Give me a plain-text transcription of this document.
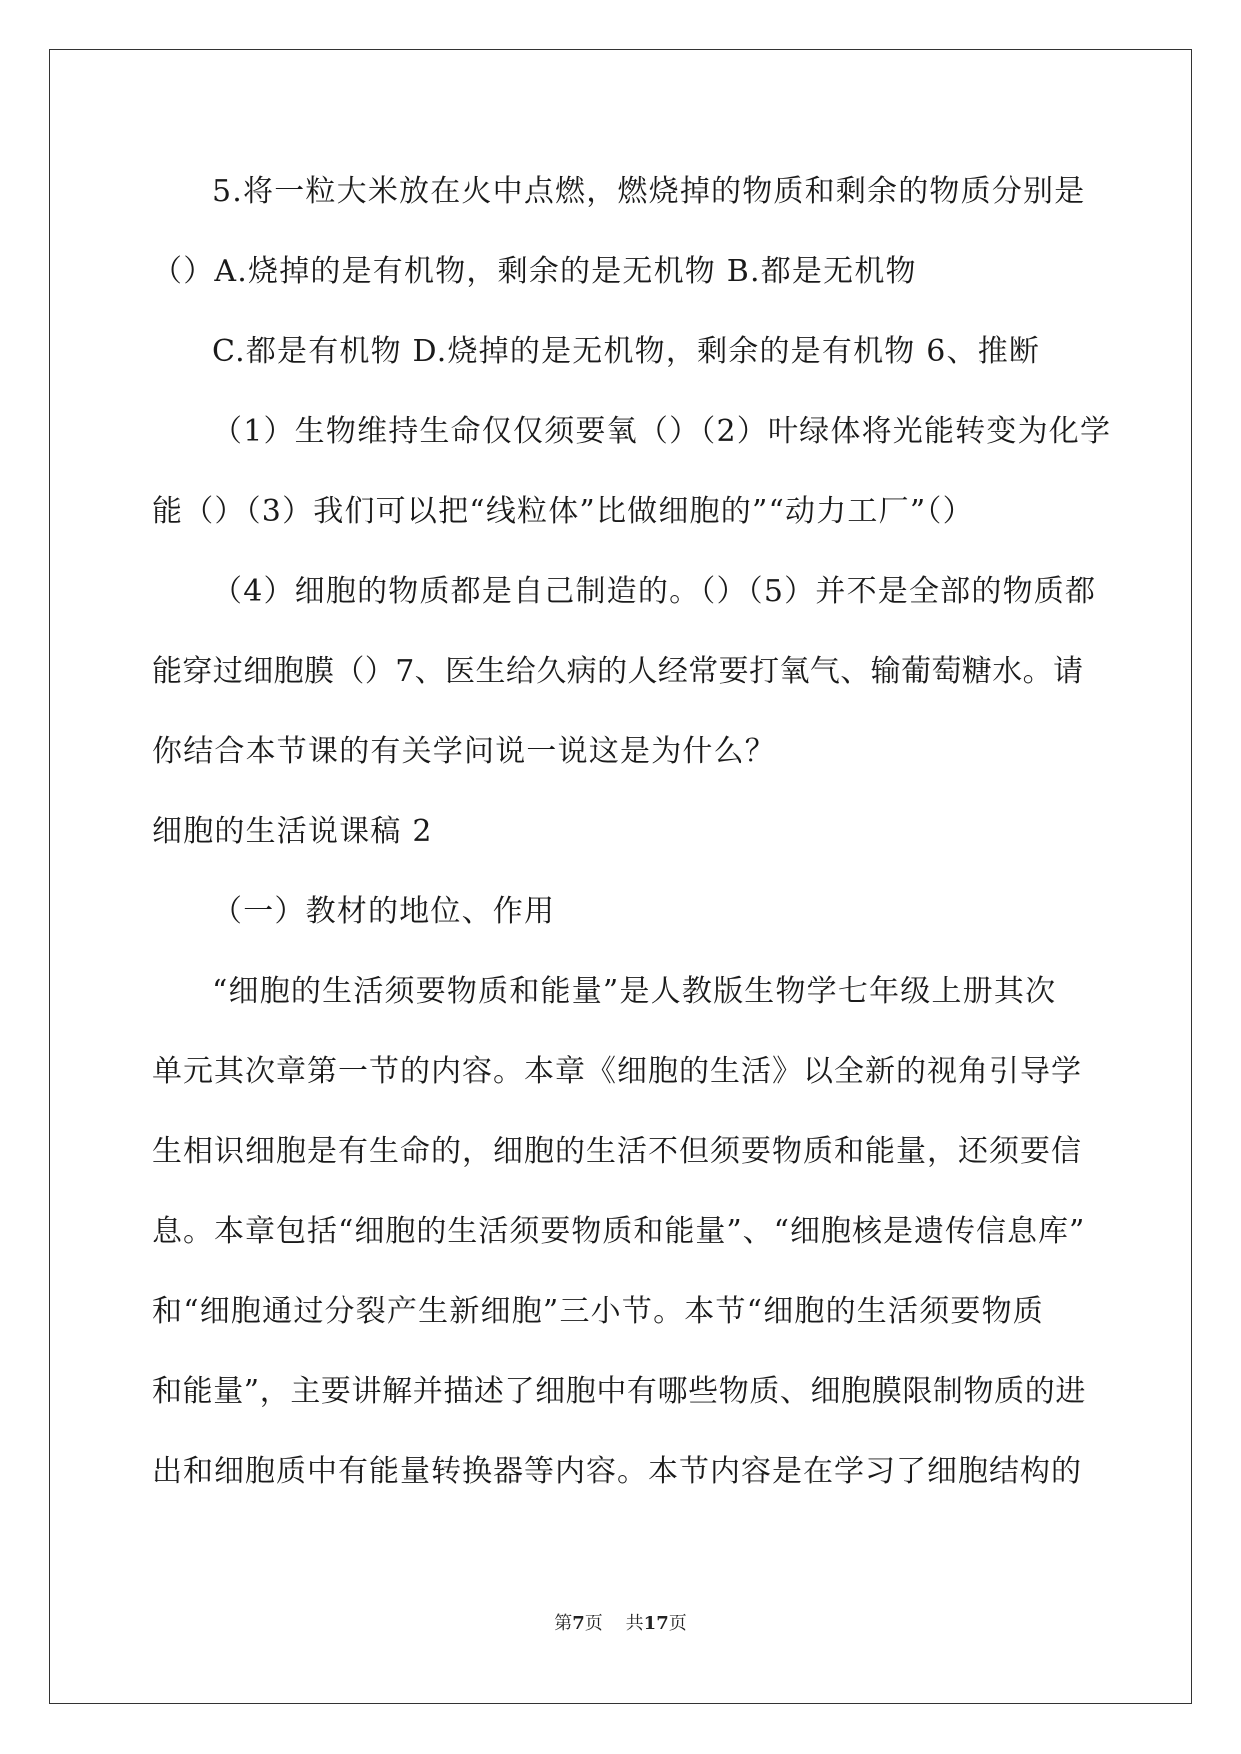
5.将一粒大米放在火中点燃，燃烧掉的物质和剩余的物质分别是
（）A.烧掉的是有机物，剩余的是无机物 B.都是无机物
C.都是有机物 D.烧掉的是无机物，剩余的是有机物 6、推断
（1）生物维持生命仅仅须要氧（）（2）叶绿体将光能转变为化学
能（）（3）我们可以把“线粒体”比做细胞的”“动力工厂”（）
（4）细胞的物质都是自己制造的。（）（5）并不是全部的物质都
能穿过细胞膜（）7、医生给久病的人经常要打氧气、输葡萄糖水。请
你结合本节课的有关学问说一说这是为什么？
细胞的生活说课稿 2
（一）教材的地位、作用
“细胞的生活须要物质和能量”是人教版生物学七年级上册其次
单元其次章第一节的内容。本章《细胞的生活》以全新的视角引导学
生相识细胞是有生命的，细胞的生活不但须要物质和能量，还须要信
息。本章包括“细胞的生活须要物质和能量”、“细胞核是遗传信息库”
和“细胞通过分裂产生新细胞”三小节。本节“细胞的生活须要物质
和能量”，主要讲解并描述了细胞中有哪些物质、细胞膜限制物质的进
出和细胞质中有能量转换器等内容。本节内容是在学习了细胞结构的
第7页 共17页
